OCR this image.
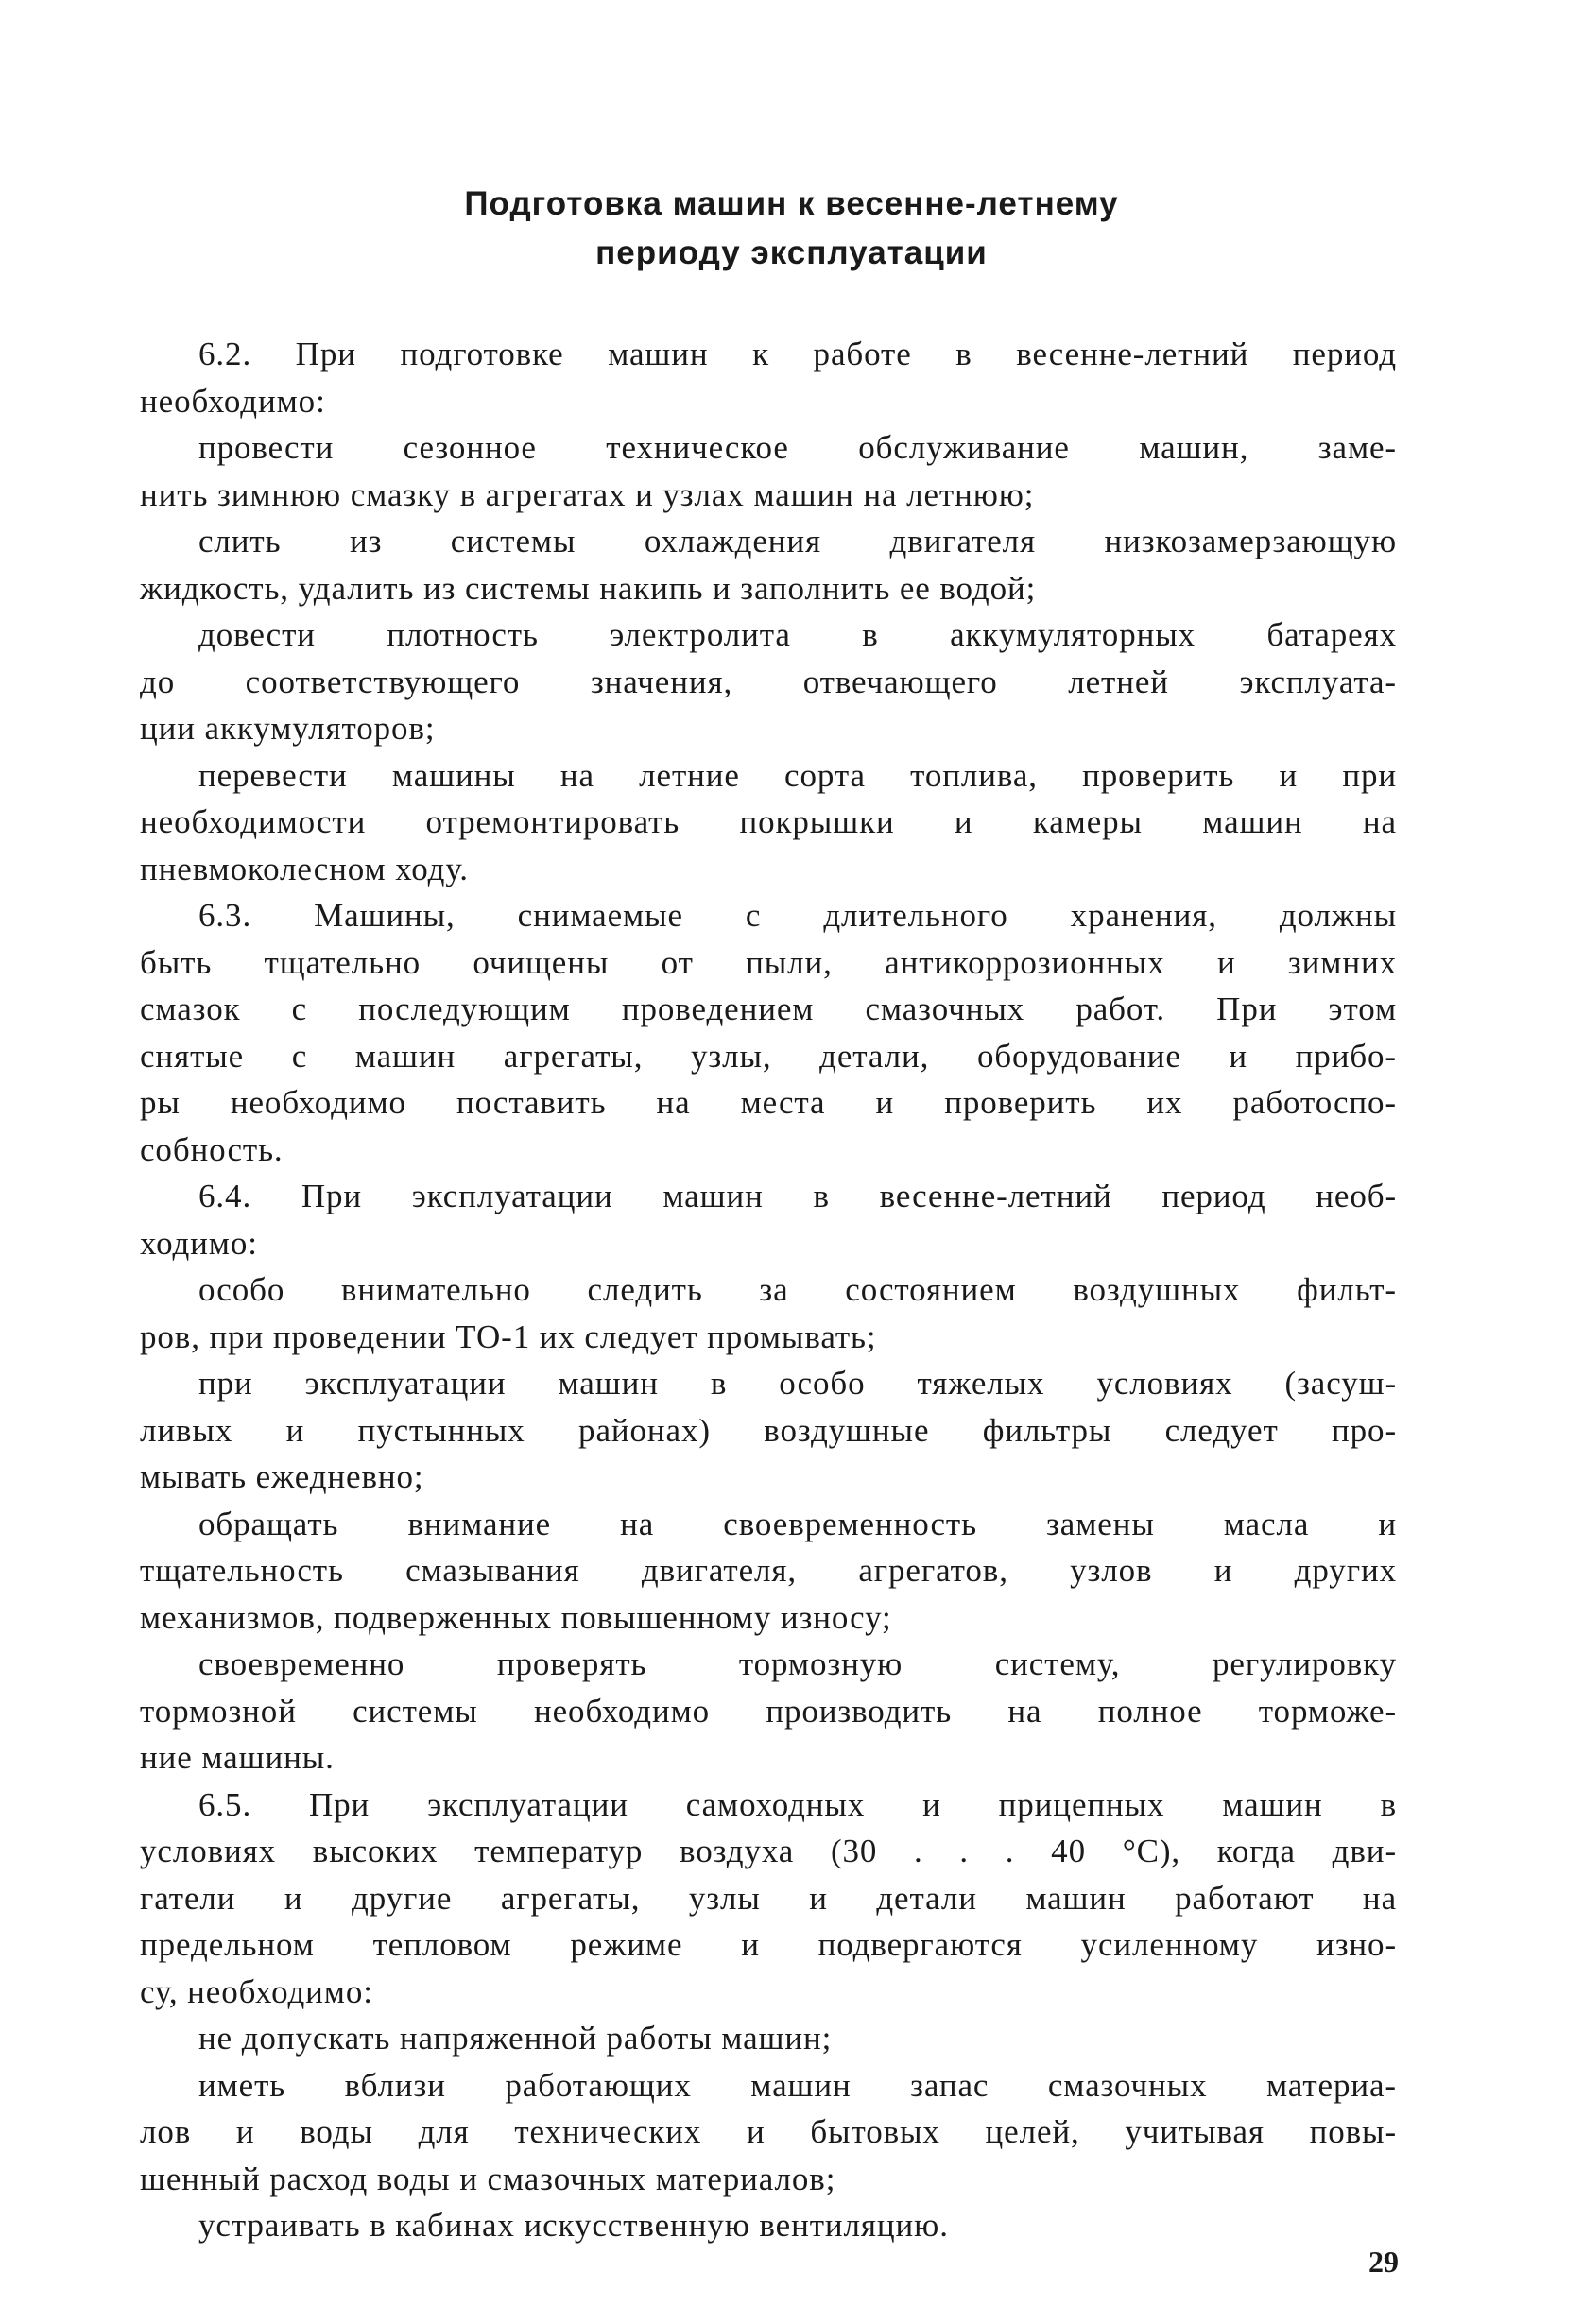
Подготовка машин к весенне-летнему
периоду эксплуатации
6.2. При подготовке машин к работе в весенне-летний период
необходимо:
провести сезонное техническое обслуживание машин, заме-
нить зимнюю смазку в агрегатах и узлах машин на летнюю;
слить из системы охлаждения двигателя низкозамерзающую
жидкость, удалить из системы накипь и заполнить ее водой;
довести плотность электролита в аккумуляторных батареях
до соответствующего значения, отвечающего летней эксплуата-
ции аккумуляторов;
перевести машины на летние сорта топлива, проверить и при
необходимости отремонтировать покрышки и камеры машин на
пневмоколесном ходу.
6.3. Машины, снимаемые с длительного хранения, должны
быть тщательно очищены от пыли, антикоррозионных и зимних
смазок с последующим проведением смазочных работ. При этом
снятые с машин агрегаты, узлы, детали, оборудование и прибо-
ры необходимо поставить на места и проверить их работоспо-
собность.
6.4. При эксплуатации машин в весенне-летний период необ-
ходимо:
особо внимательно следить за состоянием воздушных фильт-
ров, при проведении ТО-1 их следует промывать;
при эксплуатации машин в особо тяжелых условиях (засуш-
ливых и пустынных районах) воздушные фильтры следует про-
мывать ежедневно;
обращать внимание на своевременность замены масла и
тщательность смазывания двигателя, агрегатов, узлов и других
механизмов, подверженных повышенному износу;
своевременно проверять тормозную систему, регулировку
тормозной системы необходимо производить на полное торможе-
ние машины.
6.5. При эксплуатации самоходных и прицепных машин в
условиях высоких температур воздуха (30 . . . 40 °С), когда дви-
гатели и другие агрегаты, узлы и детали машин работают на
предельном тепловом режиме и подвергаются усиленному изно-
су, необходимо:
не допускать напряженной работы машин;
иметь вблизи работающих машин запас смазочных материа-
лов и воды для технических и бытовых целей, учитывая повы-
шенный расход воды и смазочных материалов;
устраивать в кабинах искусственную вентиляцию.
29
